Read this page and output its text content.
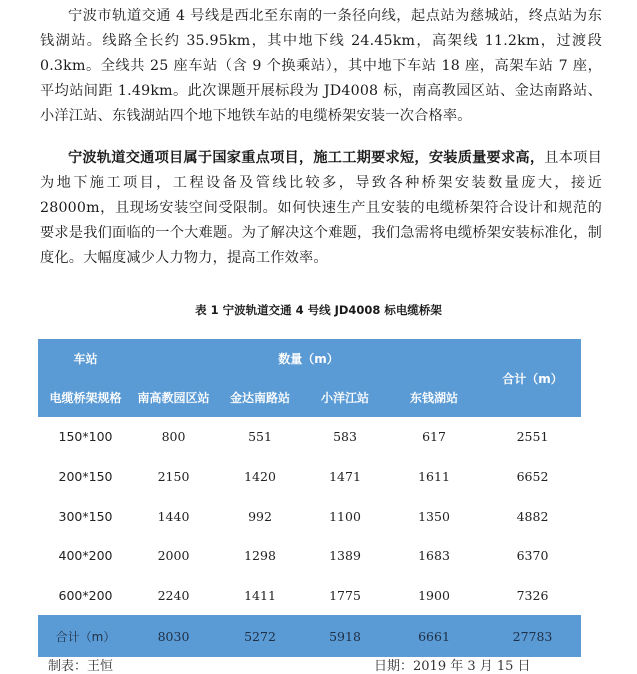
宁波市轨道交通 4 号线是西北至东南的一条径向线，起点站为慈城站，终点站为东钱湖站。线路全长约 35.95km，其中地下线 24.45km，高架线 11.2km，过渡段 0.3km。全线共 25 座车站（含 9 个换乘站），其中地下车站 18 座，高架车站 7 座，平均站间距 1.49km。此次课题开展标段为 JD4008 标，南高教园区站、金达南路站、小洋江站、东钱湖站四个地下地铁车站的电缆桥架安装一次合格率。

宁波轨道交通项目属于国家重点项目，施工工期要求短，安装质量要求高，且本项目为地下施工项目，工程设备及管线比较多，导致各种桥架安装数量庞大，接近 28000m，且现场安装空间受限制。如何快速生产且安装的电缆桥架符合设计和规范的要求是我们面临的一个大难题。为了解决这个难题，我们急需将电缆桥架安装标准化，制度化。大幅度减少人力物力，提高工作效率。

表 1 宁波轨道交通 4 号线 JD4008 标电缆桥架

车站	数量（m）				合计（m）
电缆桥架规格	南高教园区站	金达南路站	小洋江站	东钱湖站	
150*100	800	551	583	617	2551
200*150	2150	1420	1471	1611	6652
300*150	1440	992	1100	1350	4882
400*200	2000	1298	1389	1683	6370
600*200	2240	1411	1775	1900	7326
合计（m）	8030	5272	5918	6661	27783
制表：王恒	日期：2019 年 3 月 15 日
